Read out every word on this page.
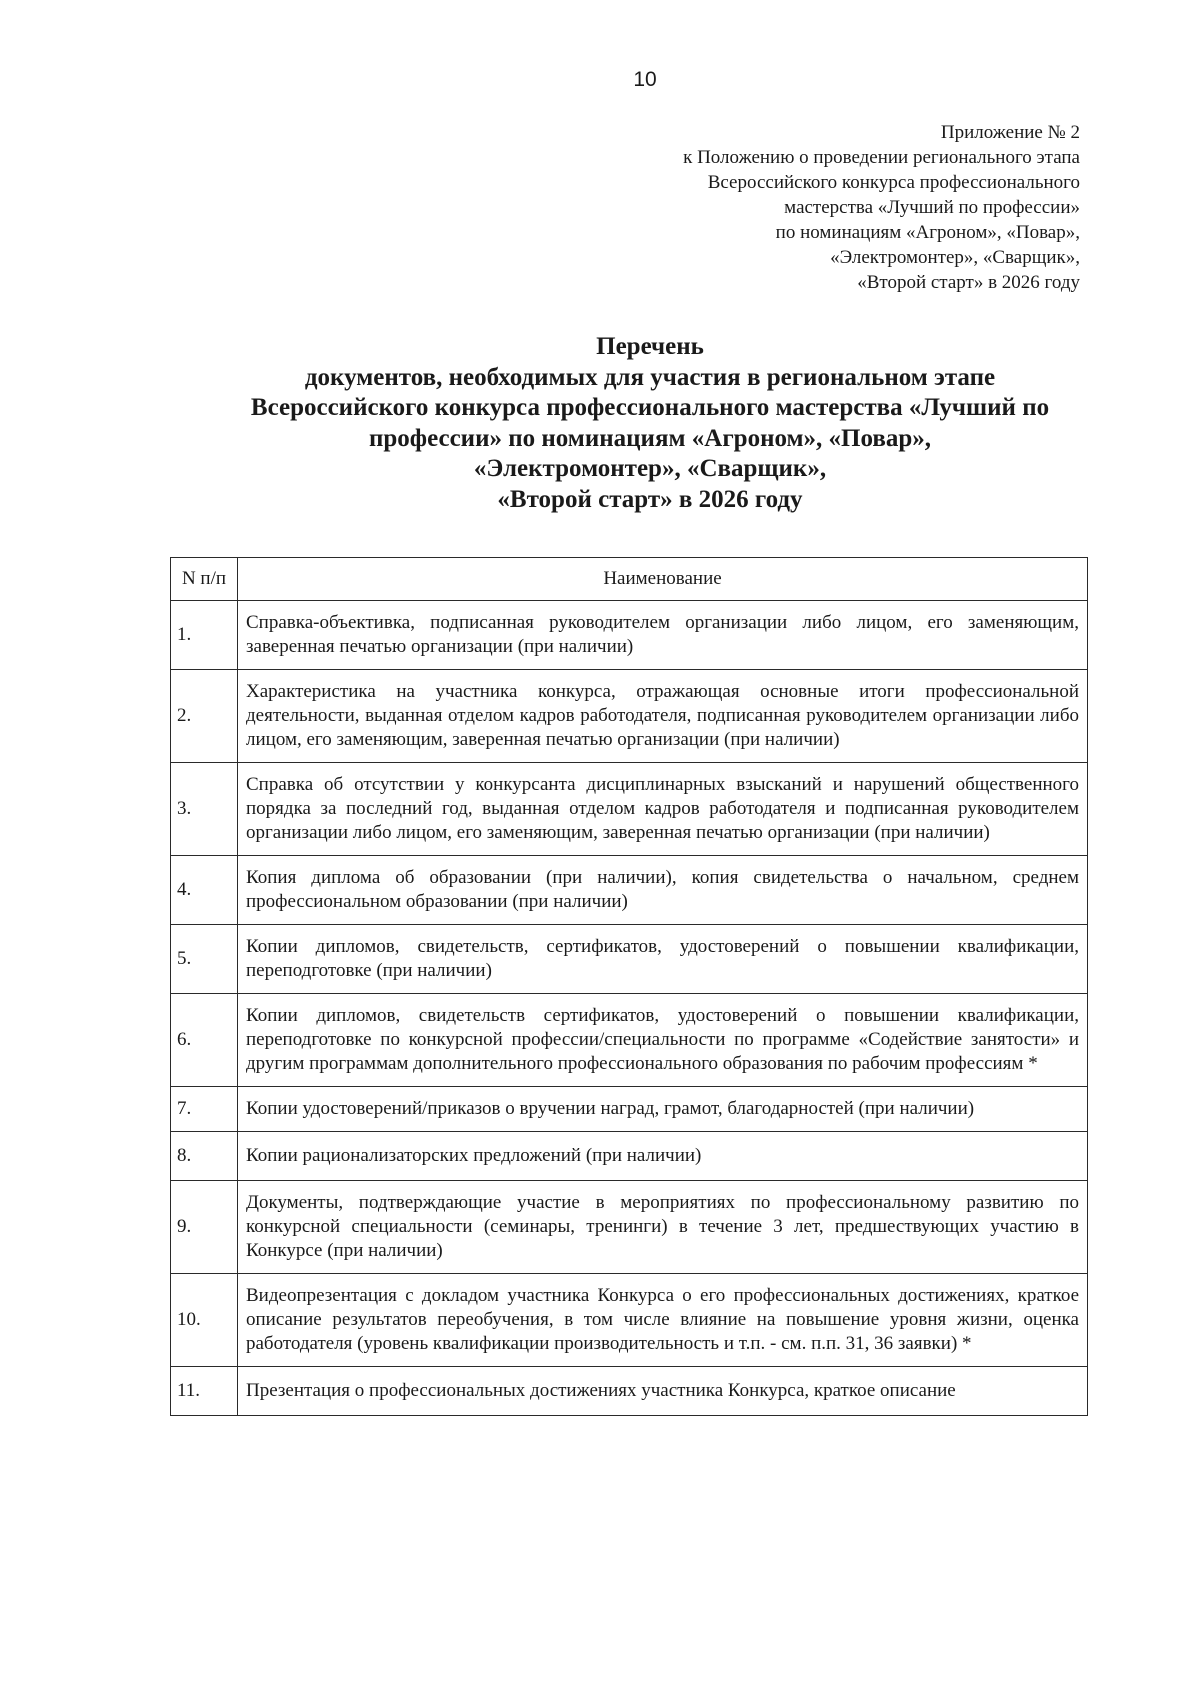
10
Приложение № 2
к Положению о проведении регионального этапа
Всероссийского конкурса профессионального
мастерства «Лучший по профессии»
по номинациям «Агроном», «Повар»,
«Электромонтер», «Сварщик»,
«Второй старт» в 2026 году
Перечень
документов, необходимых для участия в региональном этапе
Всероссийского конкурса профессионального мастерства «Лучший по
профессии» по номинациям «Агроном», «Повар»,
«Электромонтер», «Сварщик»,
«Второй старт» в 2026 году
N п/п	Наименование
1.	Справка-объективка, подписанная руководителем организации либо лицом, его заменяющим, заверенная печатью организации (при наличии)
2.	Характеристика на участника конкурса, отражающая основные итоги профессиональной деятельности, выданная отделом кадров работодателя, подписанная руководителем организации либо лицом, его заменяющим, заверенная печатью организации (при наличии)
3.	Справка об отсутствии у конкурсанта дисциплинарных взысканий и нарушений общественного порядка за последний год, выданная отделом кадров работодателя и подписанная руководителем организации либо лицом, его заменяющим, заверенная печатью организации (при наличии)
4.	Копия диплома об образовании (при наличии), копия свидетельства о начальном, среднем профессиональном образовании (при наличии)
5.	Копии дипломов, свидетельств, сертификатов, удостоверений о повышении квалификации, переподготовке (при наличии)
6.	Копии дипломов, свидетельств сертификатов, удостоверений о повышении квалификации, переподготовке по конкурсной профессии/специальности по программе «Содействие занятости» и другим программам дополнительного профессионального образования по рабочим профессиям *
7.	Копии удостоверений/приказов о вручении наград, грамот, благодарностей (при наличии)
8.	Копии рационализаторских предложений (при наличии)
9.	Документы, подтверждающие участие в мероприятиях по профессиональному развитию по конкурсной специальности (семинары, тренинги) в течение 3 лет, предшествующих участию в Конкурсе (при наличии)
10.	Видеопрезентация с докладом участника Конкурса о его профессиональных достижениях, краткое описание результатов переобучения, в том числе влияние на повышение уровня жизни, оценка работодателя (уровень квалификации производительность и т.п. - см. п.п. 31, 36 заявки) *
11.	Презентация о профессиональных достижениях участника Конкурса, краткое описание
